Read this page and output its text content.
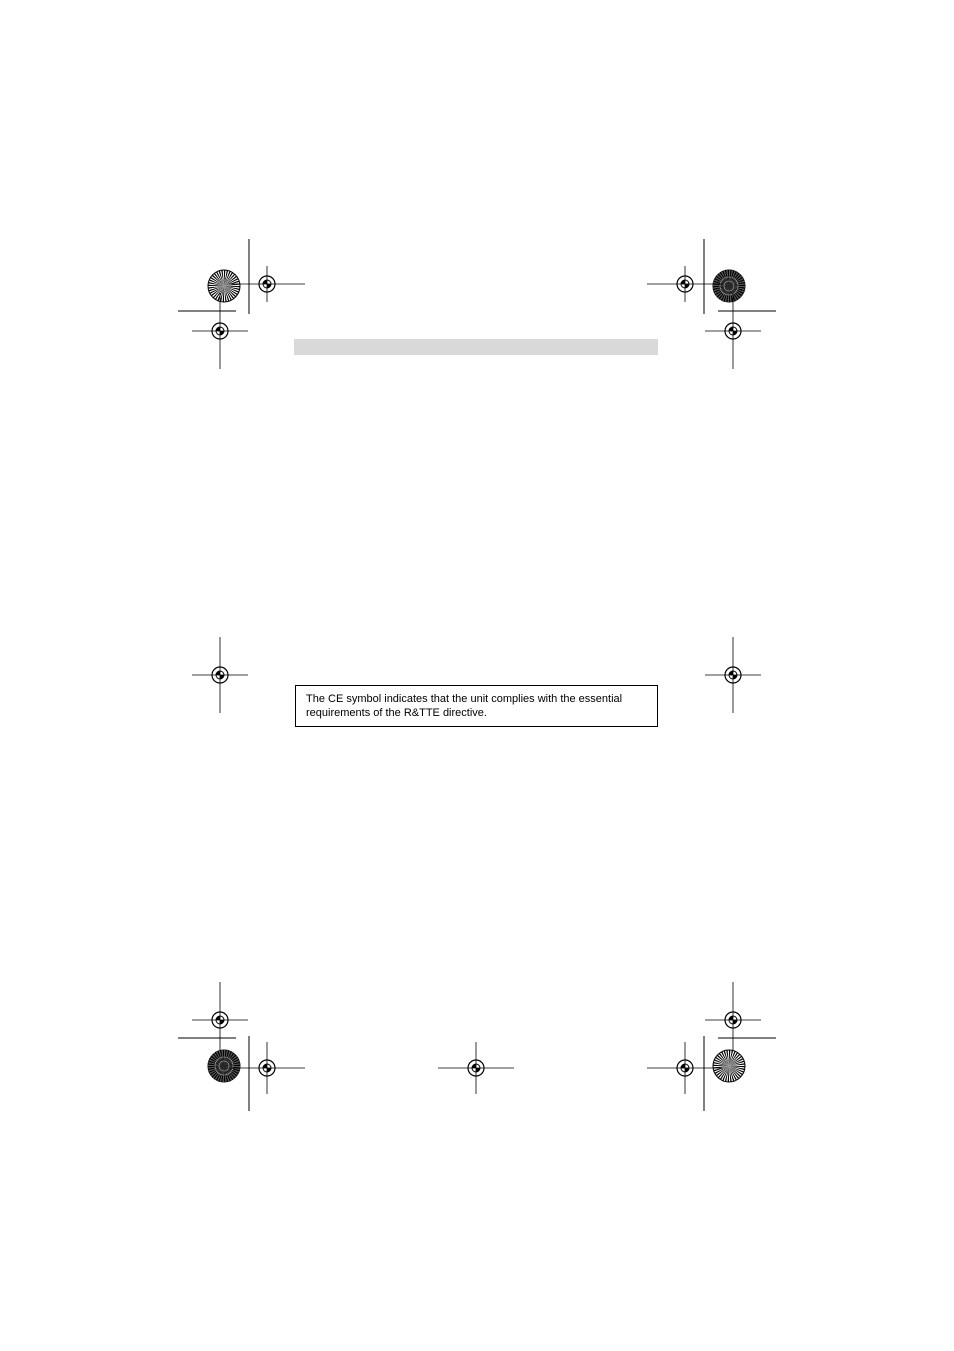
The CE symbol indicates that the unit complies with the essential requirements of the R&TTE directive.
